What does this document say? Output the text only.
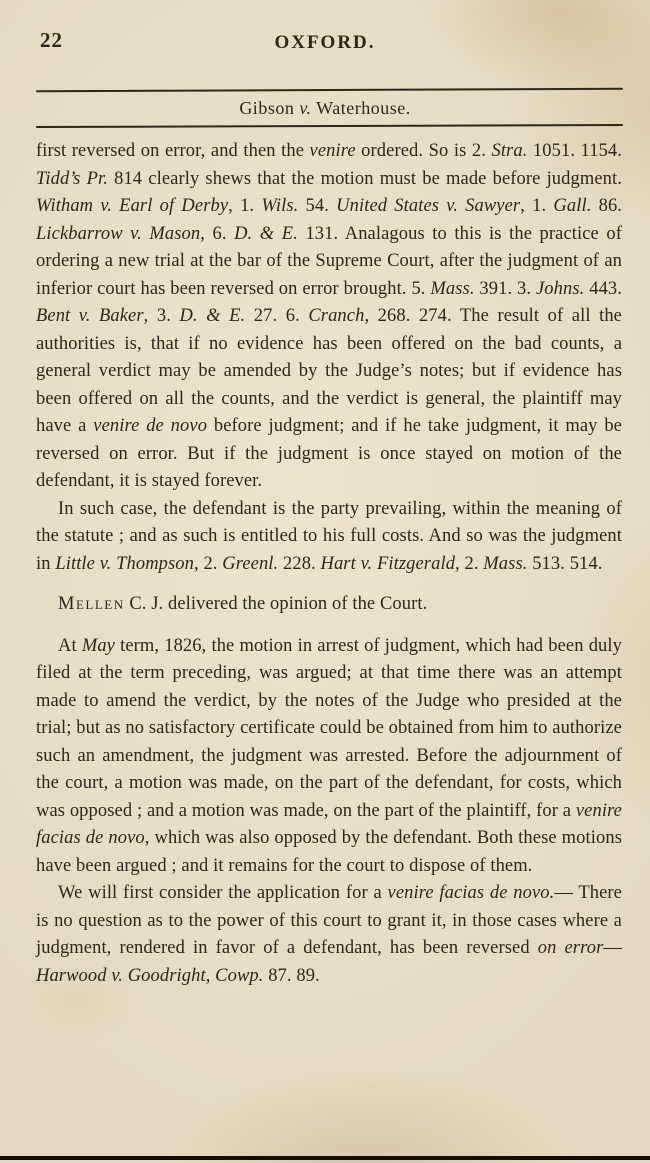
22	OXFORD.
Gibson v. Waterhouse.

first reversed on error, and then the venire ordered. So is 2. Stra. 1051. 1154. Tidd’s Pr. 814 clearly shews that the motion must be made before judgment. Witham v. Earl of Derby, 1. Wils. 54. United States v. Sawyer, 1. Gall. 86. Lickbarrow v. Mason, 6. D. & E. 131. Analagous to this is the practice of ordering a new trial at the bar of the Supreme Court, after the judgment of an inferior court has been reversed on error brought. 5. Mass. 391. 3. Johns. 443. Bent v. Baker, 3. D. & E. 27. 6. Cranch, 268. 274. The result of all the authorities is, that if no evidence has been offered on the bad counts, a general verdict may be amended by the Judge’s notes; but if evidence has been offered on all the counts, and the verdict is general, the plaintiff may have a venire de novo before judgment; and if he take judgment, it may be reversed on error. But if the judgment is once stayed on motion of the defendant, it is stayed forever.

In such case, the defendant is the party prevailing, within the meaning of the statute ; and as such is entitled to his full costs. And so was the judgment in Little v. Thompson, 2. Greenl. 228. Hart v. Fitzgerald, 2. Mass. 513. 514.

Mellen C. J. delivered the opinion of the Court.

At May term, 1826, the motion in arrest of judgment, which had been duly filed at the term preceding, was argued; at that time there was an attempt made to amend the verdict, by the notes of the Judge who presided at the trial; but as no satisfactory certificate could be obtained from him to authorize such an amendment, the judgment was arrested. Before the adjournment of the court, a motion was made, on the part of the defendant, for costs, which was opposed ; and a motion was made, on the part of the plaintiff, for a venire facias de novo, which was also opposed by the defendant. Both these motions have been argued ; and it remains for the court to dispose of them.

We will first consider the application for a venire facias de novo.— There is no question as to the power of this court to grant it, in those cases where a judgment, rendered in favor of a defendant, has been reversed on error—Harwood v. Goodright, Cowp. 87. 89.
